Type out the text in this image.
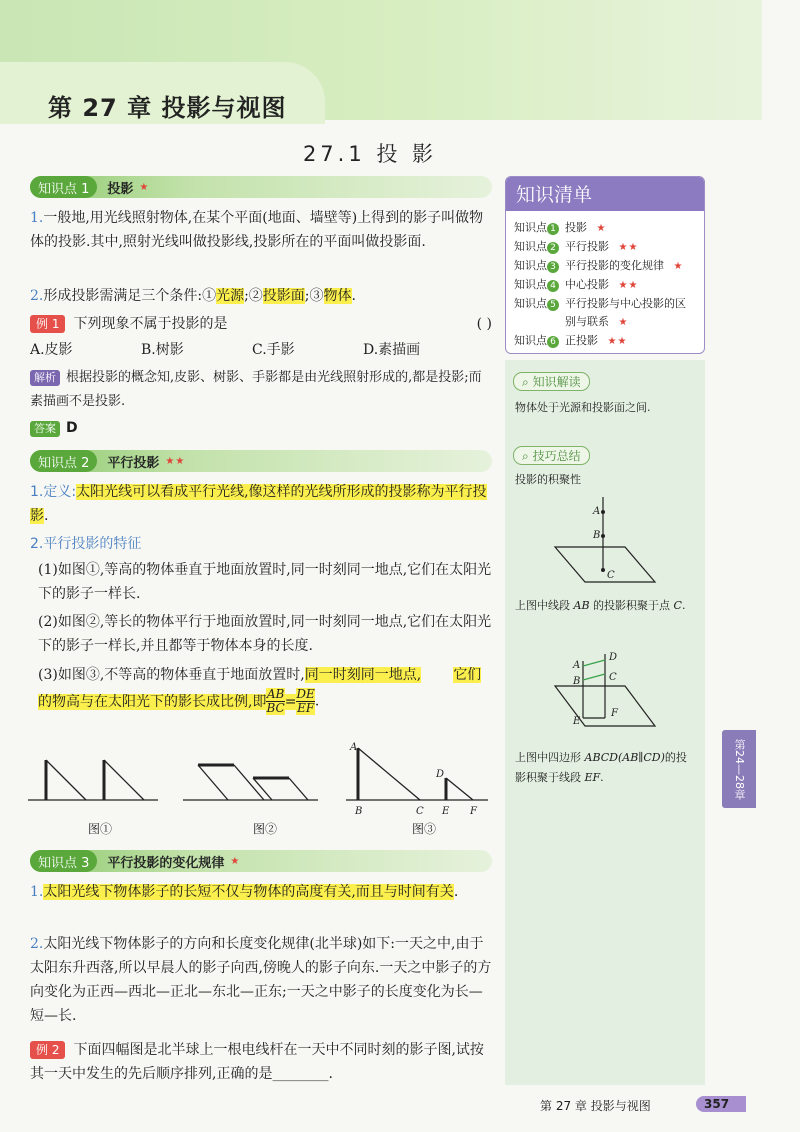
第 27 章 投影与视图
27.1 投 影
知识点 1	投影 ★
1.一般地,用光线照射物体,在某个平面(地面、墙壁等)上得到的影子叫做物体的投影.其中,照射光线叫做投影线,投影所在的平面叫做投影面.
2.形成投影需满足三个条件:①光源;②投影面;③物体.
例 1 下列现象不属于投影的是	( )
A.皮影	B.树影	C.手影	D.素描画
解析 根据投影的概念知,皮影、树影、手影都是由光线照射形成的,都是投影;而素描画不是投影.
答案 D
知识点 2	平行投影 ★★
1.定义:太阳光线可以看成平行光线,像这样的光线所形成的投影称为平行投影.
2.平行投影的特征
(1)如图①,等高的物体垂直于地面放置时,同一时刻同一地点,它们在太阳光下的影子一样长.
(2)如图②,等长的物体平行于地面放置时,同一时刻同一地点,它们在太阳光下的影子一样长,并且都等于物体本身的长度.
(3)如图③,不等高的物体垂直于地面放置时,同一时刻同一地点, 它们的物高与在太阳光下的影长成比例,即 $\frac{AB}{BC} = \frac{DE}{EF}$ .
A
B	C
D
E F
图①	图②	图③
知识点 3	平行投影的变化规律 ★
1.太阳光线下物体影子的长短不仅与物体的高度有关,而且与时间有关.
2.太阳光线下物体影子的方向和长度变化规律(北半球)如下:一天之中,由于太阳东升西落,所以早晨人的影子向西,傍晚人的影子向东.一天之中影子的方向变化为正西—西北—正北—东北—正东;一天之中影子的长度变化为长—短—长.
例 2 下面四幅图是北半球上一根电线杆在一天中不同时刻的影子图,试按其一天中发生的先后顺序排列,正确的是________.
知识清单
知识点 1 投影 ★
知识点 2 平行投影 ★★
知识点 3 平行投影的变化规律 ★
知识点 4 中心投影 ★★
知识点 5 平行投影与中心投影的区别与联系 ★
知识点 6 正投影 ★★
⌕ 知识解读
物体处于光源和投影面之间.
⌕ 技巧总结
投影的积聚性
A
B
C
上图中线段 AB 的投影积聚于点 C.
A
B	C
D
E
F
上图中四边形 ABCD(AB∥CD)的投影积聚于线段 EF.	第24—28章
第 27 章 投影与视图	357
